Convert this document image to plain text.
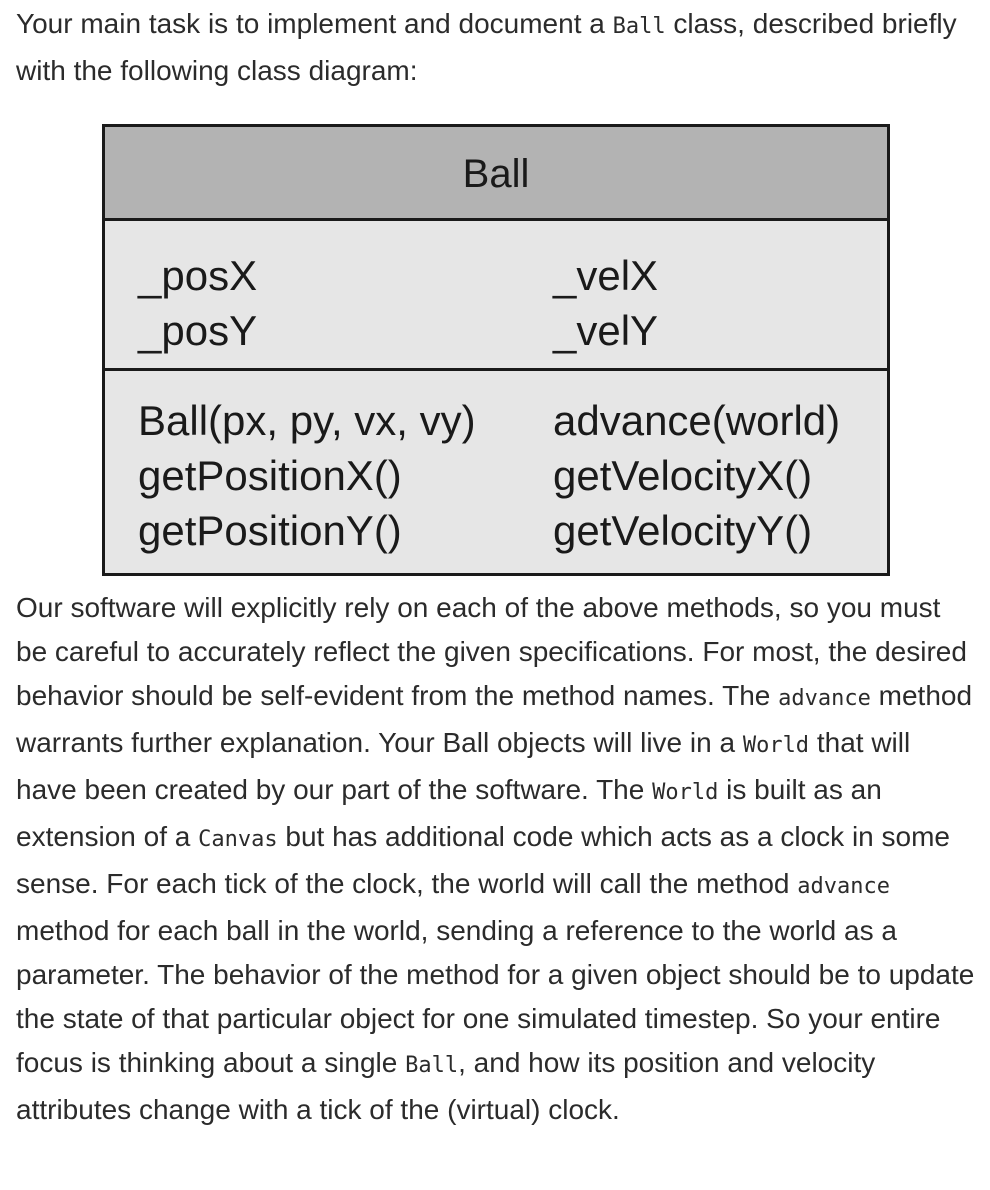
Your main task is to implement and document a Ball class, described briefly with the following class diagram:

Ball
_posX
_posY
_velX
_velY
Ball(px, py, vx, vy)
getPositionX()
getPositionY()
advance(world)
getVelocityX()
getVelocityY()

Our software will explicitly rely on each of the above methods, so you must be careful to accurately reflect the given specifications. For most, the desired behavior should be self-evident from the method names. The advance method warrants further explanation. Your Ball objects will live in a World that will have been created by our part of the software. The World is built as an extension of a Canvas but has additional code which acts as a clock in some sense. For each tick of the clock, the world will call the method advance method for each ball in the world, sending a reference to the world as a parameter. The behavior of the method for a given object should be to update the state of that particular object for one simulated timestep. So your entire focus is thinking about a single Ball, and how its position and velocity attributes change with a tick of the (virtual) clock.
